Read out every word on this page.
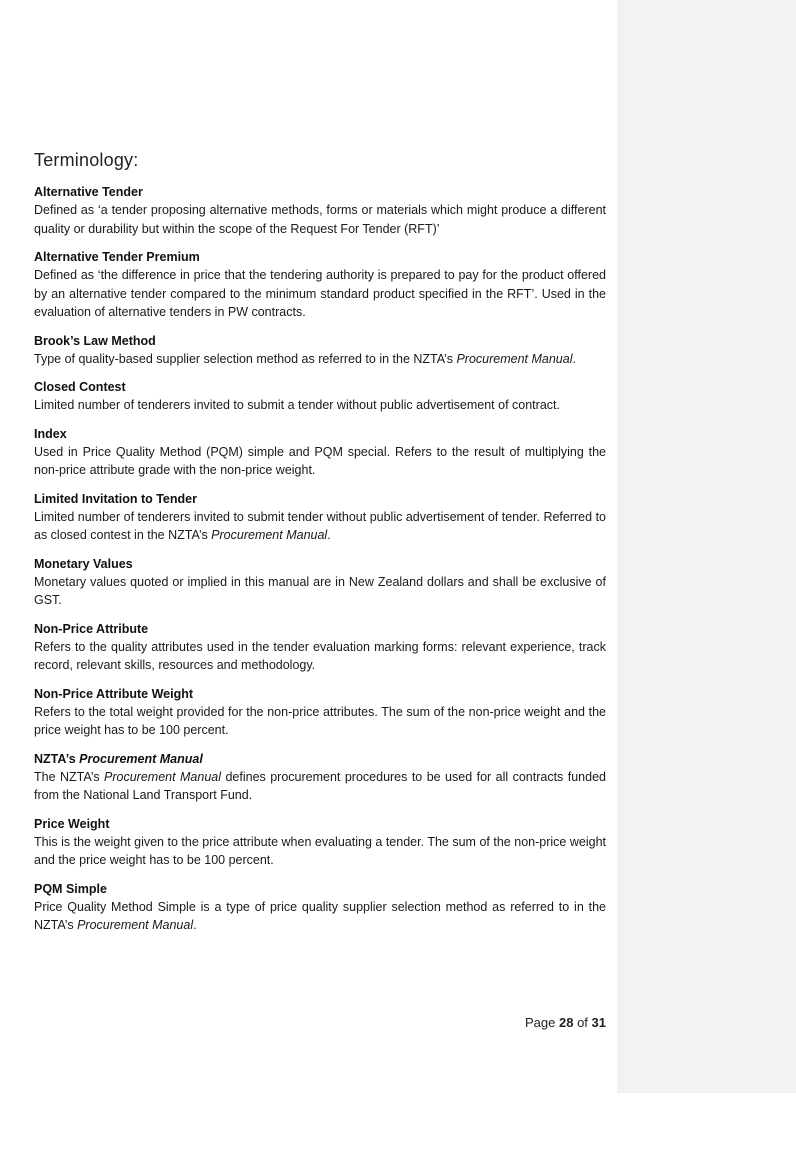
Terminology:
Alternative Tender
Defined as ‘a tender proposing alternative methods, forms or materials which might produce a different quality or durability but within the scope of the Request For Tender (RFT)’
Alternative Tender Premium
Defined as ‘the difference in price that the tendering authority is prepared to pay for the product offered by an alternative tender compared to the minimum standard product specified in the RFT’. Used in the evaluation of alternative tenders in PW contracts.
Brook’s Law Method
Type of quality-based supplier selection method as referred to in the NZTA’s Procurement Manual.
Closed Contest
Limited number of tenderers invited to submit a tender without public advertisement of contract.
Index
Used in Price Quality Method (PQM) simple and PQM special. Refers to the result of multiplying the non-price attribute grade with the non-price weight.
Limited Invitation to Tender
Limited number of tenderers invited to submit tender without public advertisement of tender. Referred to as closed contest in the NZTA’s Procurement Manual.
Monetary Values
Monetary values quoted or implied in this manual are in New Zealand dollars and shall be exclusive of GST.
Non-Price Attribute
Refers to the quality attributes used in the tender evaluation marking forms: relevant experience, track record, relevant skills, resources and methodology.
Non-Price Attribute Weight
Refers to the total weight provided for the non-price attributes. The sum of the non-price weight and the price weight has to be 100 percent.
NZTA’s Procurement Manual
The NZTA’s Procurement Manual defines procurement procedures to be used for all contracts funded from the National Land Transport Fund.
Price Weight
This is the weight given to the price attribute when evaluating a tender. The sum of the non-price weight and the price weight has to be 100 percent.
PQM Simple
Price Quality Method Simple is a type of price quality supplier selection method as referred to in the NZTA’s Procurement Manual.
Page 28 of 31
